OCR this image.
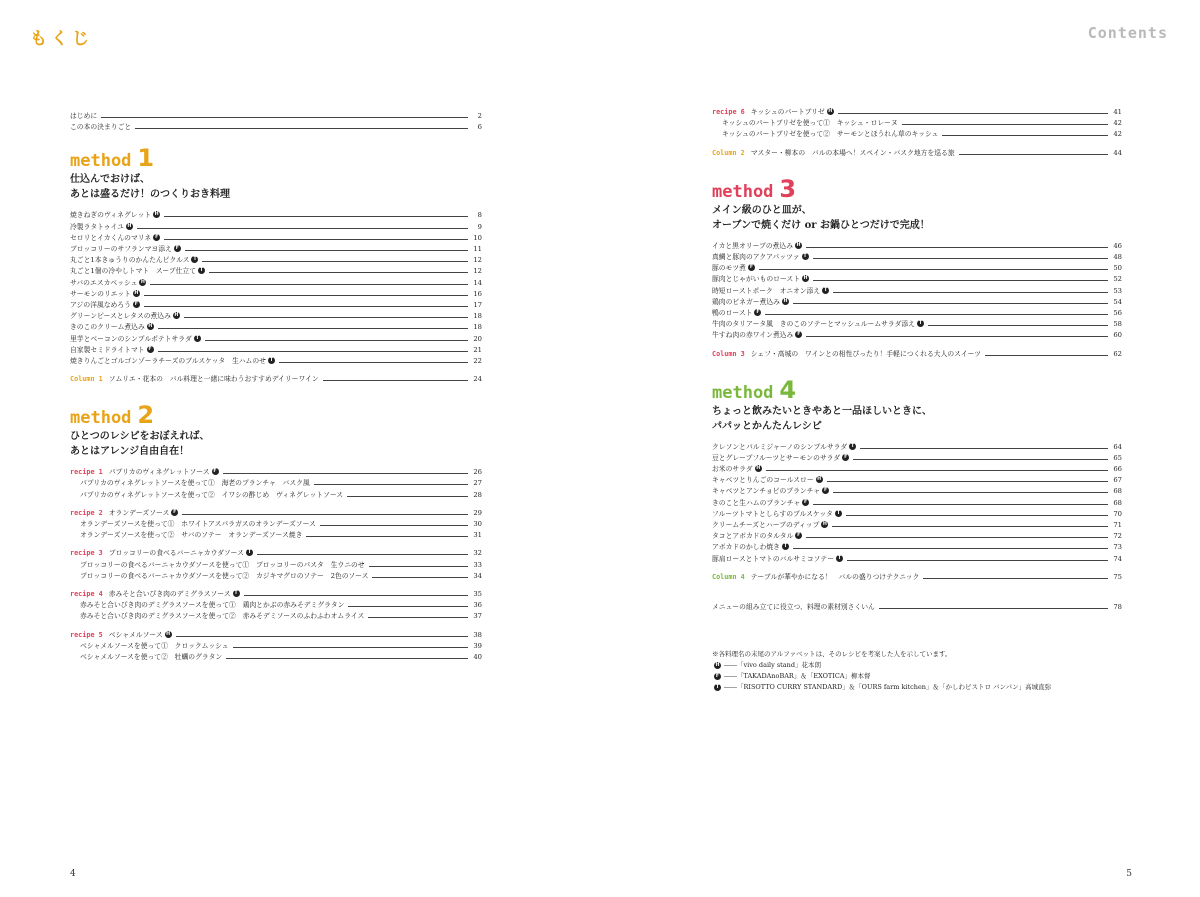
もくじ
はじめに	2
この本の決まりごと	6
method 1
仕込んでおけば、
あとは盛るだけ！のつくりおき料理
焼きねぎのヴィネグレット H	8
冷製ラタトゥイユ H	9
セロリとイカくんのマリネ F	10
ブロッコリーのサフランマヨ添え F	11
丸ごと1本きゅうりのかんたんピクルス T	12
丸ごと1個の冷やしトマト　スープ仕立て T	12
サバのエスカベッシュ H	14
サーモンのリエット H	16
アジの洋風なめろう F	17
グリーンピースとレタスの煮込み H	18
きのこのクリーム煮込み H	18
里芋とベーコンのシンプルポテトサラダ T	20
自家製セミドライトマト F	21
焼きりんごとゴルゴンゾーラチーズのブルスケッタ　生ハムのせ T	22
Column 1 ソムリエ・花本の　バル料理と一緒に味わうおすすめデイリーワイン	24
method 2
ひとつのレシピをおぼえれば、
あとはアレンジ自由自在！
recipe 1 パプリカのヴィネグレットソース F	26
パプリカのヴィネグレットソースを使って①　海老のプランチャ　バスク風	27
パプリカのヴィネグレットソースを使って②　イワシの酢じめ　ヴィネグレットソース	28
recipe 2 オランデーズソース F	29
オランデーズソースを使って①　ホワイトアスパラガスのオランデーズソース	30
オランデーズソースを使って②　サバのソテー　オランデーズソース焼き	31
recipe 3 ブロッコリーの食べるバーニャカウダソース T	32
ブロッコリーの食べるバーニャカウダソースを使って①　ブロッコリーのパスタ　生ウニのせ	33
ブロッコリーの食べるバーニャカウダソースを使って②　カジキマグロのソテー　2色のソース	34
recipe 4 赤みそと合いびき肉のデミグラスソース T	35
赤みそと合いびき肉のデミグラスソースを使って①　鶏肉とかぶの赤みそデミグラタン	36
赤みそと合いびき肉のデミグラスソースを使って②　赤みそデミソースのふわふわオムライス	37
recipe 5 ベシャメルソース H	38
ベシャメルソースを使って①　クロックムッシュ	39
ベシャメルソースを使って②　牡蠣のグラタン	40
4
Contents
recipe 6 キッシュのパートブリゼ H	41
キッシュのパートブリゼを使って①　キッシュ・ロレーヌ	42
キッシュのパートブリゼを使って②　サーモンとほうれん草のキッシュ	42
Column 2 マスター・柳本の　バルの本場へ！スペイン・バスク地方を巡る旅	44
method 3
メイン級のひと皿が、
オーブンで焼くだけ or お鍋ひとつだけで完成！
イカと黒オリーブの煮込み H	46
真鯛と豚肉のアクアパッツァ T	48
豚のモツ煮 F	50
豚肉とじゃがいものロースト H	52
時短ローストポーク　オニオン添え T	53
鶏肉のビネガー煮込み H	54
鴨のロースト F	56
牛肉のタリアータ風　きのこのソテーとマッシュルームサラダ添え T	58
牛すね肉の赤ワイン煮込み F	60
Column 3 シェフ・高城の　ワインとの相性ぴったり！手軽につくれる大人のスイーツ	62
method 4
ちょっと飲みたいときやあと一品ほしいときに、
パパッとかんたんレシピ
クレソンとパルミジャーノのシンプルサラダ T	64
豆とグレープフルーツとサーモンのサラダ F	65
お米のサラダ H	66
キャベツとりんごのコールスロー H	67
キャベツとアンチョビのプランチャ F	68
きのこと生ハムのプランチャ F	68
フルーツトマトとしらすのブルスケッタ T	70
クリームチーズとハーブのディップ H	71
タコとアボカドのタルタル F	72
アボカドのかしわ焼き T	73
豚肩ロースとトマトのバルサミコソテー T	74
Column 4 テーブルが華やかになる！　バルの盛りつけテクニック	75
メニューの組み立てに役立つ、料理の素材別さくいん	78
※各料理名の末尾のアルファベットは、そのレシピを考案した人を示しています。
H ――「vivo daily stand」花本朗
F ――「TAKADAnoBAR」＆「EXOTICA」柳本督
T ――「RISOTTO CURRY STANDARD」＆「OURS farm kitchen」＆「かしわビストロ バンバン」高城直弥
5
